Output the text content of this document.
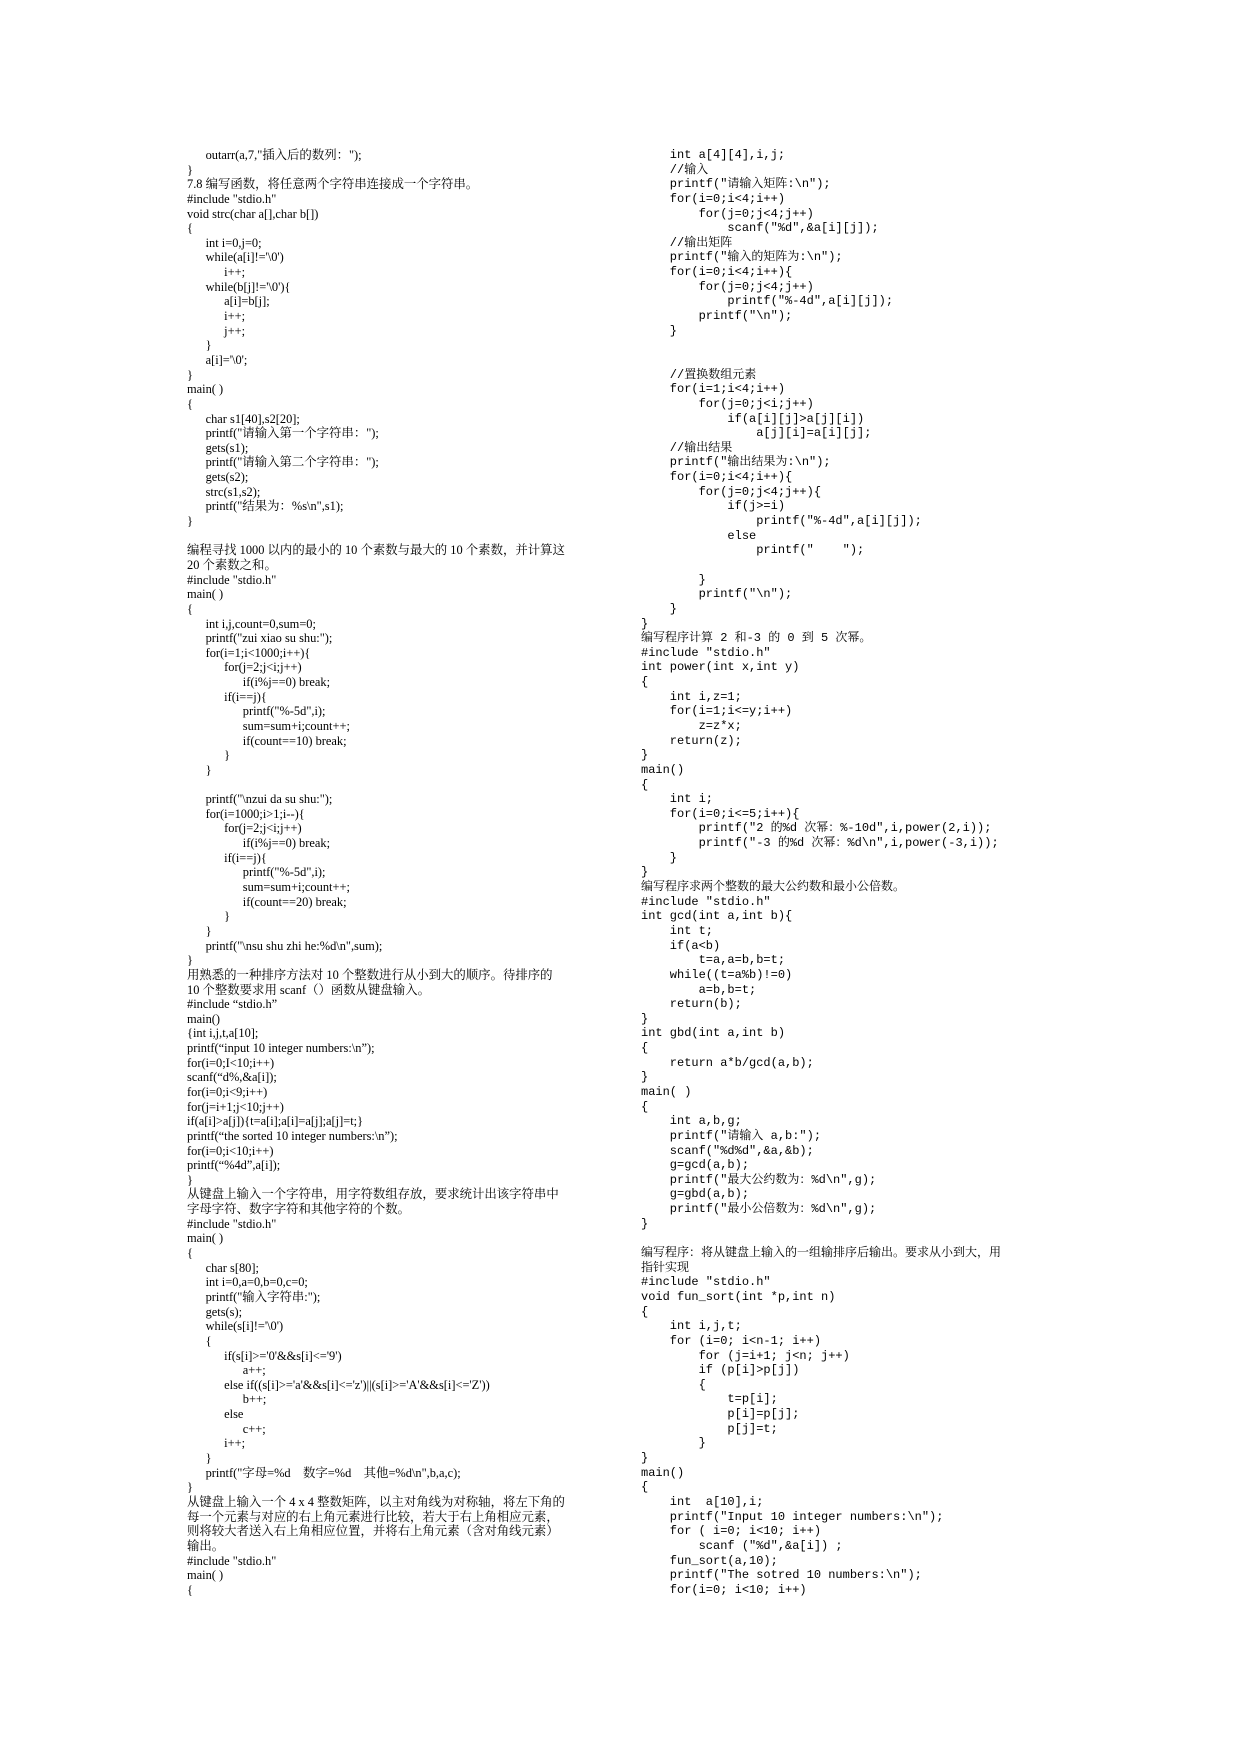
	outarr(a,7,"插入后的数列：");
}
7.8 编写函数，将任意两个字符串连接成一个字符串。
#include "stdio.h"
void strc(char a[],char b[])
{
	int i=0,j=0;
	while(a[i]!='\0')
		i++;
	while(b[j]!='\0'){
		a[i]=b[j];
		i++;
		j++;
	}
	a[i]='\0';
}
main( )
{
	char s1[40],s2[20];
	printf("请输入第一个字符串：");
	gets(s1);
	printf("请输入第二个字符串：");
	gets(s2);
	strc(s1,s2);
	printf("结果为：%s\n",s1);
}
编程寻找 1000 以内的最小的 10 个素数与最大的 10 个素数，并计算这
20 个素数之和。
#include "stdio.h"
main( )
{
	int i,j,count=0,sum=0;
	printf("zui xiao su shu:");
	for(i=1;i<1000;i++){
		for(j=2;j<i;j++)
			if(i%j==0) break;
		if(i==j){
			printf("%-5d",i);
			sum=sum+i;count++;
			if(count==10) break;
		}
	}
	printf("\nzui da su shu:");
	for(i=1000;i>1;i--){
		for(j=2;j<i;j++)
			if(i%j==0) break;
		if(i==j){
			printf("%-5d",i);
			sum=sum+i;count++;
			if(count==20) break;
		}
	}
	printf("\nsu shu zhi he:%d\n",sum);
}
用熟悉的一种排序方法对 10 个整数进行从小到大的顺序。待排序的
10 个整数要求用 scanf（）函数从键盘输入。
#include “stdio.h”
main()
{int i,j,t,a[10];
printf(“input 10 integer numbers:\n”);
for(i=0;I<10;i++)
scanf(“d%,&a[i]);
for(i=0;i<9;i++)
for(j=i+1;j<10;j++)
if(a[i]>a[j]){t=a[i];a[i]=a[j];a[j]=t;}
printf(“the sorted 10 integer numbers:\n”);
for(i=0;i<10;i++)
printf(“%4d”,a[i]);
}
从键盘上输入一个字符串，用字符数组存放，要求统计出该字符串中
字母字符、数字字符和其他字符的个数。
#include "stdio.h"
main( )
{
	char s[80];
	int i=0,a=0,b=0,c=0;
	printf("输入字符串:");
	gets(s);
	while(s[i]!='\0')
	{
		if(s[i]>='0'&&s[i]<='9')
			a++;
		else if((s[i]>='a'&&s[i]<='z')||(s[i]>='A'&&s[i]<='Z'))
			b++;
		else
			c++;
		i++;
	}
	printf("字母=%d    数字=%d    其他=%d\n",b,a,c);
}
从键盘上输入一个 4 x 4 整数矩阵，以主对角线为对称轴，将左下角的
每一个元素与对应的右上角元素进行比较，若大于右上角相应元素，
则将较大者送入右上角相应位置，并将右上角元素（含对角线元素）
输出。
#include "stdio.h"
main( )
{
int a[4][4],i,j;
//输入
printf("请输入矩阵:\n");
for(i=0;i<4;i++)
for(j=0;j<4;j++)
scanf("%d",&a[i][j]);
//输出矩阵
printf("输入的矩阵为:\n");
for(i=0;i<4;i++){
for(j=0;j<4;j++)
printf("%-4d",a[i][j]);
printf("\n");
}
//置换数组元素
for(i=1;i<4;i++)
for(j=0;j<i;j++)
if(a[i][j]>a[j][i])
a[j][i]=a[i][j];
//输出结果
printf("输出结果为:\n");
for(i=0;i<4;i++){
for(j=0;j<4;j++){
if(j>=i)
printf("%-4d",a[i][j]);
else
printf("    ");
}
printf("\n");
}
}
编写程序计算 2 和-3 的 0 到 5 次幂。
#include "stdio.h"
int power(int x,int y)
{
int i,z=1;
for(i=1;i<=y;i++)
z=z*x;
return(z);
}
main()
{
int i;
for(i=0;i<=5;i++){
printf("2 的%d 次幂：%-10d",i,power(2,i));
printf("-3 的%d 次幂：%d\n",i,power(-3,i));
}
}
编写程序求两个整数的最大公约数和最小公倍数。
#include "stdio.h"
int gcd(int a,int b){
int t;
if(a<b)
t=a,a=b,b=t;
while((t=a%b)!=0)
a=b,b=t;
return(b);
}
int gbd(int a,int b)
{
return a*b/gcd(a,b);
}
main( )
{
int a,b,g;
printf("请输入 a,b:");
scanf("%d%d",&a,&b);
g=gcd(a,b);
printf("最大公约数为：%d\n",g);
g=gbd(a,b);
printf("最小公倍数为：%d\n",g);
}
编写程序：将从键盘上输入的一组输排序后输出。要求从小到大，用
指针实现
#include "stdio.h"
void fun_sort(int *p,int n)
{
int i,j,t;
for (i=0; i<n-1; i++)
for (j=i+1; j<n; j++)
if (p[i]>p[j])
{
t=p[i];
p[i]=p[j];
p[j]=t;
}
}
main()
{
int  a[10],i;
printf("Input 10 integer numbers:\n");
for ( i=0; i<10; i++)
scanf ("%d",&a[i]) ;
fun_sort(a,10);
printf("The sotred 10 numbers:\n");
for(i=0; i<10; i++)
